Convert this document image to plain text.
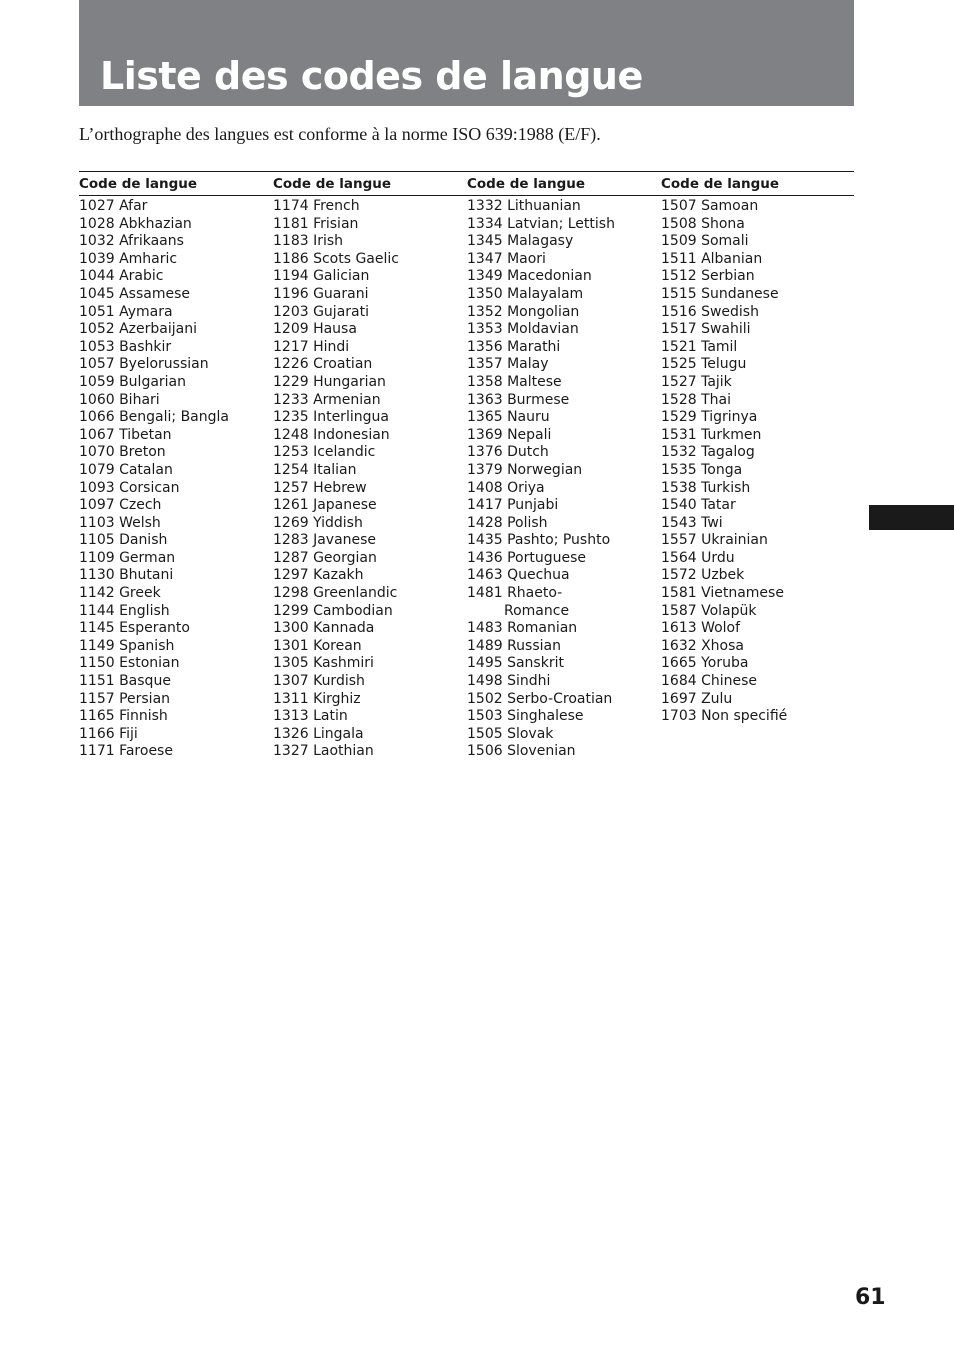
Liste des codes de langue
L’orthographe des langues est conforme à la norme ISO 639:1988 (E/F).
Code de langue
1027 Afar
1028 Abkhazian
1032 Afrikaans
1039 Amharic
1044 Arabic
1045 Assamese
1051 Aymara
1052 Azerbaijani
1053 Bashkir
1057 Byelorussian
1059 Bulgarian
1060 Bihari
1066 Bengali; Bangla
1067 Tibetan
1070 Breton
1079 Catalan
1093 Corsican
1097 Czech
1103 Welsh
1105 Danish
1109 German
1130 Bhutani
1142 Greek
1144 English
1145 Esperanto
1149 Spanish
1150 Estonian
1151 Basque
1157 Persian
1165 Finnish
1166 Fiji
1171 Faroese
Code de langue
1174 French
1181 Frisian
1183 Irish
1186 Scots Gaelic
1194 Galician
1196 Guarani
1203 Gujarati
1209 Hausa
1217 Hindi
1226 Croatian
1229 Hungarian
1233 Armenian
1235 Interlingua
1248 Indonesian
1253 Icelandic
1254 Italian
1257 Hebrew
1261 Japanese
1269 Yiddish
1283 Javanese
1287 Georgian
1297 Kazakh
1298 Greenlandic
1299 Cambodian
1300 Kannada
1301 Korean
1305 Kashmiri
1307 Kurdish
1311 Kirghiz
1313 Latin
1326 Lingala
1327 Laothian
Code de langue
1332 Lithuanian
1334 Latvian; Lettish
1345 Malagasy
1347 Maori
1349 Macedonian
1350 Malayalam
1352 Mongolian
1353 Moldavian
1356 Marathi
1357 Malay
1358 Maltese
1363 Burmese
1365 Nauru
1369 Nepali
1376 Dutch
1379 Norwegian
1408 Oriya
1417 Punjabi
1428 Polish
1435 Pashto; Pushto
1436 Portuguese
1463 Quechua
1481 Rhaeto-
Romance
1483 Romanian
1489 Russian
1495 Sanskrit
1498 Sindhi
1502 Serbo-Croatian
1503 Singhalese
1505 Slovak
1506 Slovenian
Code de langue
1507 Samoan
1508 Shona
1509 Somali
1511 Albanian
1512 Serbian
1515 Sundanese
1516 Swedish
1517 Swahili
1521 Tamil
1525 Telugu
1527 Tajik
1528 Thai
1529 Tigrinya
1531 Turkmen
1532 Tagalog
1535 Tonga
1538 Turkish
1540 Tatar
1543 Twi
1557 Ukrainian
1564 Urdu
1572 Uzbek
1581 Vietnamese
1587 Volapük
1613 Wolof
1632 Xhosa
1665 Yoruba
1684 Chinese
1697 Zulu
1703 Non specifié
61
